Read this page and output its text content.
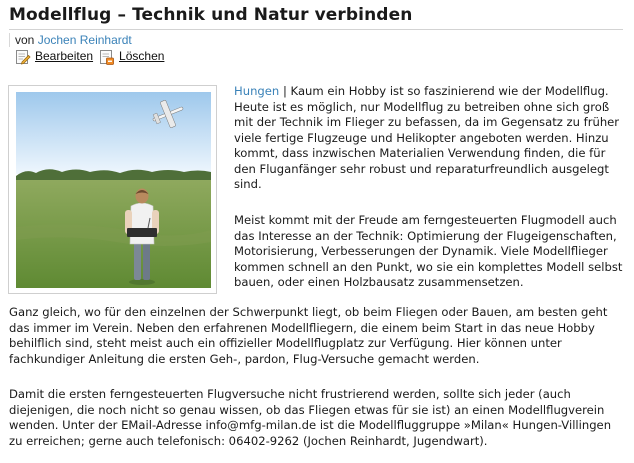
Modellflug – Technik und Natur verbinden
von Jochen Reinhardt
Bearbeiten Löschen

Hungen | Kaum ein Hobby ist so faszinierend wie der Modellflug. Heute ist es möglich, nur Modellflug zu betreiben ohne sich groß mit der Technik im Flieger zu befassen, da im Gegensatz zu früher viele fertige Flugzeuge und Helikopter angeboten werden. Hinzu kommt, dass inzwischen Materialien Verwendung finden, die für den Fluganfänger sehr robust und reparaturfreundlich ausgelegt sind.

Meist kommt mit der Freude am ferngesteuerten Flugmodell auch das Interesse an der Technik: Optimierung der Flugeigenschaften, Motorisierung, Verbesserungen der Dynamik. Viele Modellflieger kommen schnell an den Punkt, wo sie ein komplettes Modell selbst bauen, oder einen Holzbausatz zusammensetzen.

Ganz gleich, wo für den einzelnen der Schwerpunkt liegt, ob beim Fliegen oder Bauen, am besten geht das immer im Verein. Neben den erfahrenen Modellfliegern, die einem beim Start in das neue Hobby behilflich sind, steht meist auch ein offizieller Modellflugplatz zur Verfügung. Hier können unter fachkundiger Anleitung die ersten Geh-, pardon, Flug-Versuche gemacht werden.

Damit die ersten ferngesteuerten Flugversuche nicht frustrierend werden, sollte sich jeder (auch diejenigen, die noch nicht so genau wissen, ob das Fliegen etwas für sie ist) an einen Modellflugverein wenden. Unter der EMail-Adresse info@mfg-milan.de ist die Modellfluggruppe »Milan« Hungen-Villingen zu erreichen; gerne auch telefonisch: 06402-9262 (Jochen Reinhardt, Jugendwart).
